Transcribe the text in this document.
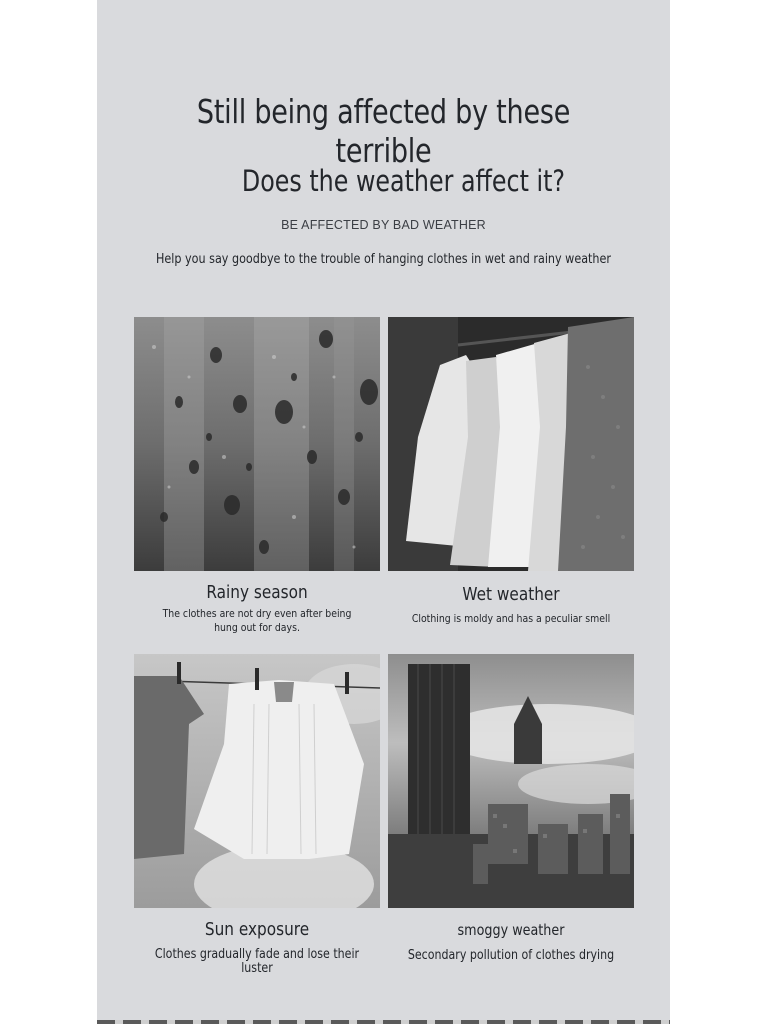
Still being affected by these terrible
Does the weather affect it?
BE AFFECTED BY BAD WEATHER
Help you say goodbye to the trouble of hanging clothes in wet and rainy weather
Rainy season
The clothes are not dry even after being hung out for days.
Wet weather
Clothing is moldy and has a peculiar smell
Sun exposure
Clothes gradually fade and lose their luster
smoggy weather
Secondary pollution of clothes drying
